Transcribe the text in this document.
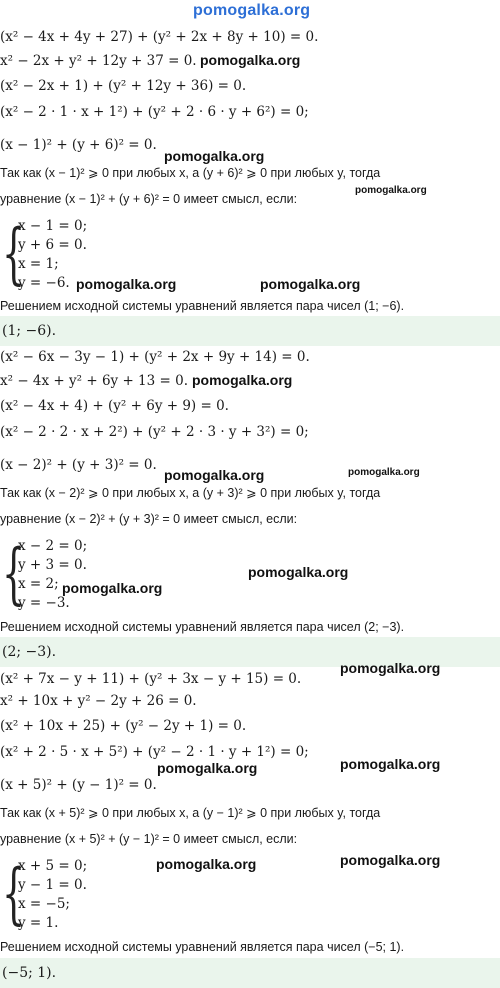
pomogalka.org
(x² − 4x + 4y + 27) + (y² + 2x + 8y + 10) = 0.
x² − 2x + y² + 12y + 37 = 0. pomogalka.org
(x² − 2x + 1) + (y² + 12y + 36) = 0.
(x² − 2 · 1 · x + 1²) + (y² + 2 · 6 · y + 6²) = 0;
(x − 1)² + (y + 6)² = 0.
pomogalka.org
Так как (x − 1)² ⩾ 0 при любых x, а (y + 6)² ⩾ 0 при любых y, тогда
уравнение (x − 1)² + (y + 6)² = 0 имеет смысл, если:
pomogalka.org
{
x − 1 = 0;
y + 6 = 0.
x = 1;
y = −6. pomogalka.org	pomogalka.org
Решением исходной системы уравнений является пара чисел (1; −6).
(1; −6).
(x² − 6x − 3y − 1) + (y² + 2x + 9y + 14) = 0.
x² − 4x + y² + 6y + 13 = 0. pomogalka.org
(x² − 4x + 4) + (y² + 6y + 9) = 0.
(x² − 2 · 2 · x + 2²) + (y² + 2 · 3 · y + 3²) = 0;
(x − 2)² + (y + 3)² = 0.
pomogalka.org	pomogalka.org
Так как (x − 2)² ⩾ 0 при любых x, а (y + 3)² ⩾ 0 при любых y, тогда
уравнение (x − 2)² + (y + 3)² = 0 имеет смысл, если:
{
x − 2 = 0;
y + 3 = 0.
x = 2;
y = −3.
pomogalka.org
pomogalka.org
Решением исходной системы уравнений является пара чисел (2; −3).
(2; −3).
pomogalka.org
(x² + 7x − y + 11) + (y² + 3x − y + 15) = 0.
x² + 10x + y² − 2y + 26 = 0.
(x² + 10x + 25) + (y² − 2y + 1) = 0.
(x² + 2 · 5 · x + 5²) + (y² − 2 · 1 · y + 1²) = 0;
pomogalka.org	pomogalka.org
(x + 5)² + (y − 1)² = 0.
Так как (x + 5)² ⩾ 0 при любых x, а (y − 1)² ⩾ 0 при любых y, тогда
уравнение (x + 5)² + (y − 1)² = 0 имеет смысл, если:
{
x + 5 = 0;
y − 1 = 0.
x = −5;
y = 1.
pomogalka.org	pomogalka.org
Решением исходной системы уравнений является пара чисел (−5; 1).
(−5; 1).
